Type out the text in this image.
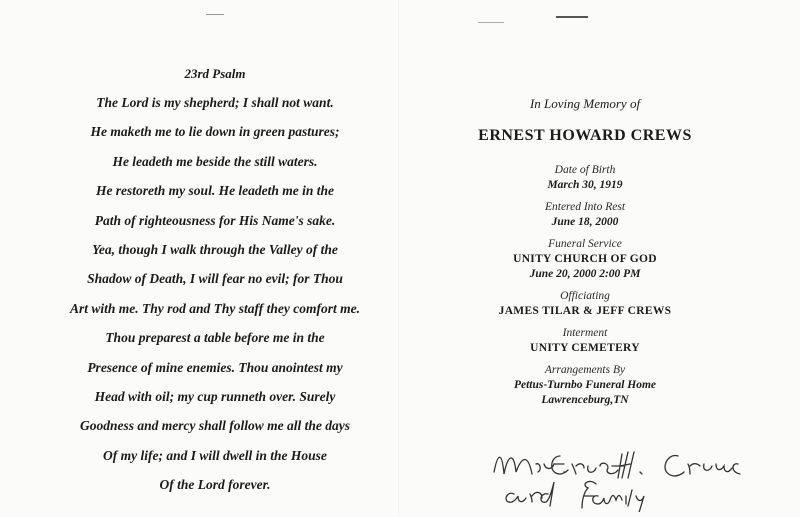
23rd Psalm
The Lord is my shepherd; I shall not want.
He maketh me to lie down in green pastures;
He leadeth me beside the still waters.
He restoreth my soul. He leadeth me in the
Path of righteousness for His Name's sake.
Yea, though I walk through the Valley of the
Shadow of Death, I will fear no evil; for Thou
Art with me. Thy rod and Thy staff they comfort me.
Thou preparest a table before me in the
Presence of mine enemies. Thou anointest my
Head with oil; my cup runneth over. Surely
Goodness and mercy shall follow me all the days
Of my life; and I will dwell in the House
Of the Lord forever.
In Loving Memory of
ERNEST HOWARD CREWS
Date of Birth
March 30, 1919
Entered Into Rest
June 18, 2000
Funeral Service
UNITY CHURCH OF GOD
June 20, 2000 2:00 PM
Officiating
JAMES TILAR & JEFF CREWS
Interment
UNITY CEMETERY
Arrangements By
Pettus-Turnbo Funeral Home
Lawrenceburg,TN
